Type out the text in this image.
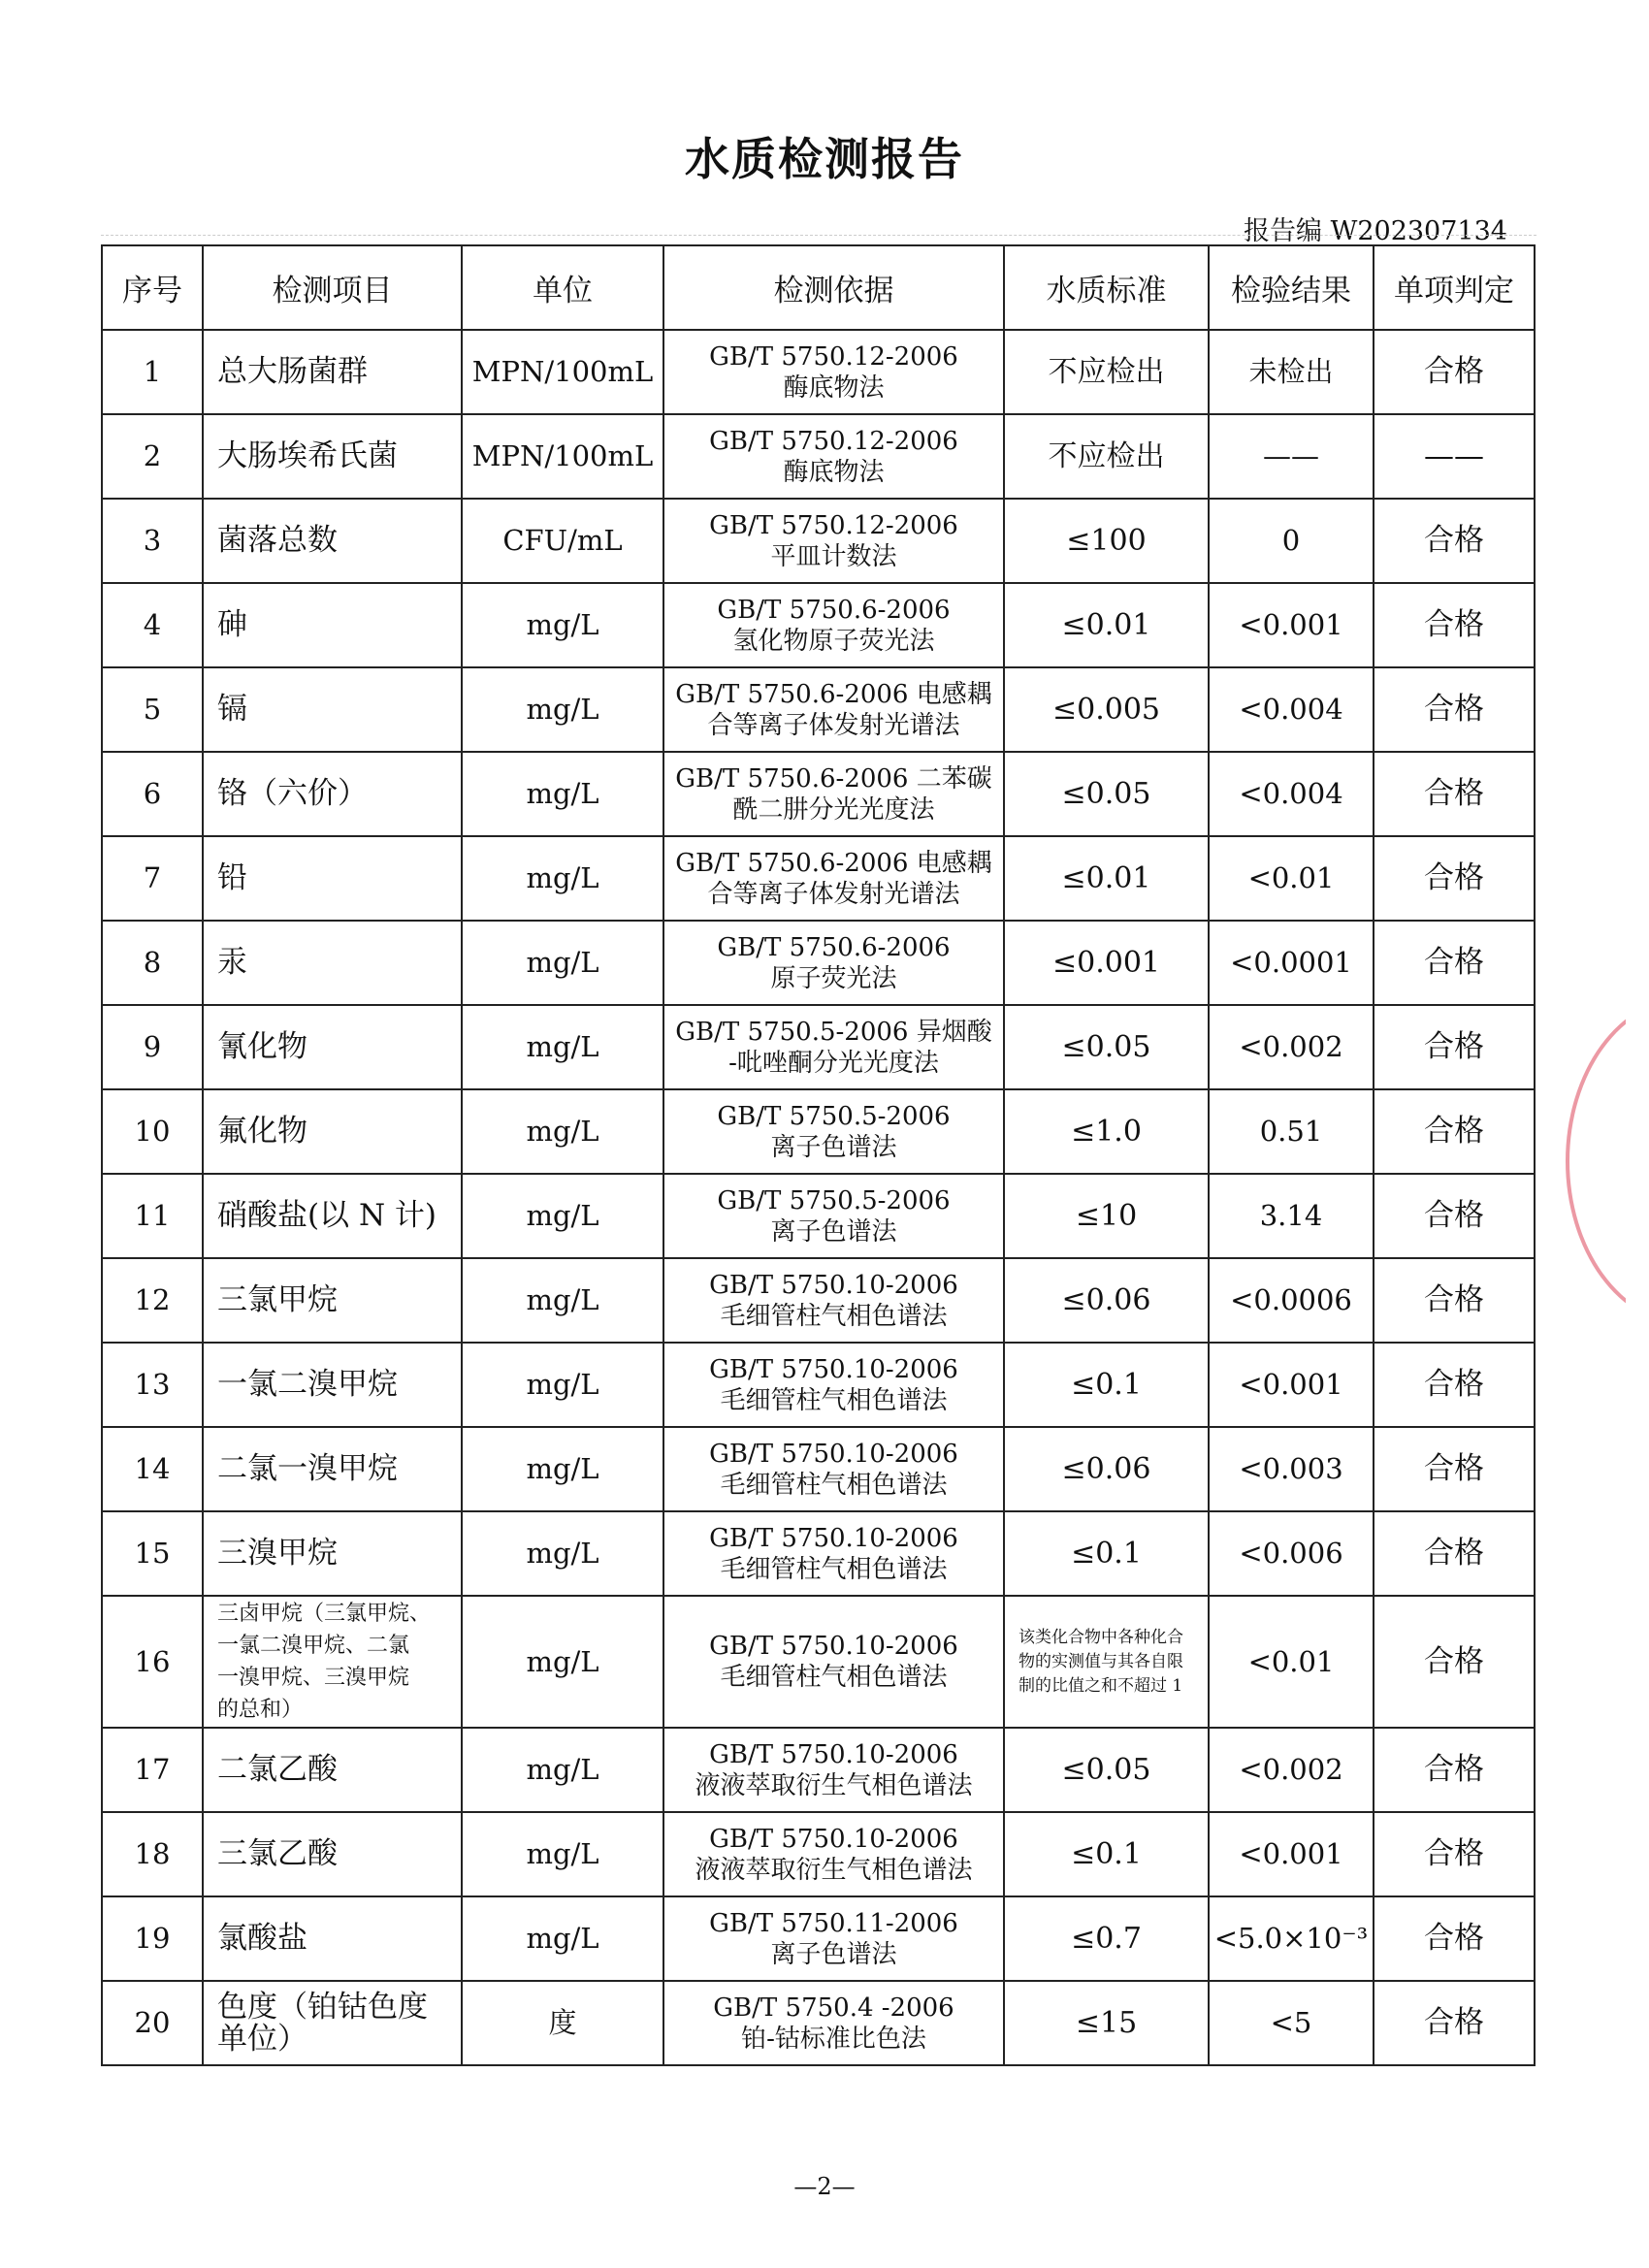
水质检测报告
报告编 W202307134
序号	检测项目	单位	检测依据	水质标准	检验结果	单项判定
1	总大肠菌群	MPN/100mL	GB/T 5750.12-2006
酶底物法	不应检出	未检出	合格
2	大肠埃希氏菌	MPN/100mL	GB/T 5750.12-2006
酶底物法	不应检出	——	——
3	菌落总数	CFU/mL	GB/T 5750.12-2006
平皿计数法	≤100	0	合格
4	砷	mg/L	GB/T 5750.6-2006
氢化物原子荧光法	≤0.01	<0.001	合格
5	镉	mg/L	GB/T 5750.6-2006 电感耦
合等离子体发射光谱法	≤0.005	<0.004	合格
6	铬（六价）	mg/L	GB/T 5750.6-2006 二苯碳
酰二肼分光光度法	≤0.05	<0.004	合格
7	铅	mg/L	GB/T 5750.6-2006 电感耦
合等离子体发射光谱法	≤0.01	<0.01	合格
8	汞	mg/L	GB/T 5750.6-2006
原子荧光法	≤0.001	<0.0001	合格
9	氰化物	mg/L	GB/T 5750.5-2006 异烟酸
-吡唑酮分光光度法	≤0.05	<0.002	合格
10	氟化物	mg/L	GB/T 5750.5-2006
离子色谱法	≤1.0	0.51	合格
11	硝酸盐(以 N 计)	mg/L	GB/T 5750.5-2006
离子色谱法	≤10	3.14	合格
12	三氯甲烷	mg/L	GB/T 5750.10-2006
毛细管柱气相色谱法	≤0.06	<0.0006	合格
13	一氯二溴甲烷	mg/L	GB/T 5750.10-2006
毛细管柱气相色谱法	≤0.1	<0.001	合格
14	二氯一溴甲烷	mg/L	GB/T 5750.10-2006
毛细管柱气相色谱法	≤0.06	<0.003	合格
15	三溴甲烷	mg/L	GB/T 5750.10-2006
毛细管柱气相色谱法	≤0.1	<0.006	合格
16	三卤甲烷（三氯甲烷、
一氯二溴甲烷、二氯
一溴甲烷、三溴甲烷
的总和）	mg/L	GB/T 5750.10-2006
毛细管柱气相色谱法	该类化合物中各种化合
物的实测值与其各自限
制的比值之和不超过 1	<0.01	合格
17	二氯乙酸	mg/L	GB/T 5750.10-2006
液液萃取衍生气相色谱法	≤0.05	<0.002	合格
18	三氯乙酸	mg/L	GB/T 5750.10-2006
液液萃取衍生气相色谱法	≤0.1	<0.001	合格
19	氯酸盐	mg/L	GB/T 5750.11-2006
离子色谱法	≤0.7	<5.0×10⁻³	合格
20	色度（铂钴色度
单位）	度	GB/T 5750.4 -2006
铂-钴标准比色法	≤15	<5	合格
—2—
